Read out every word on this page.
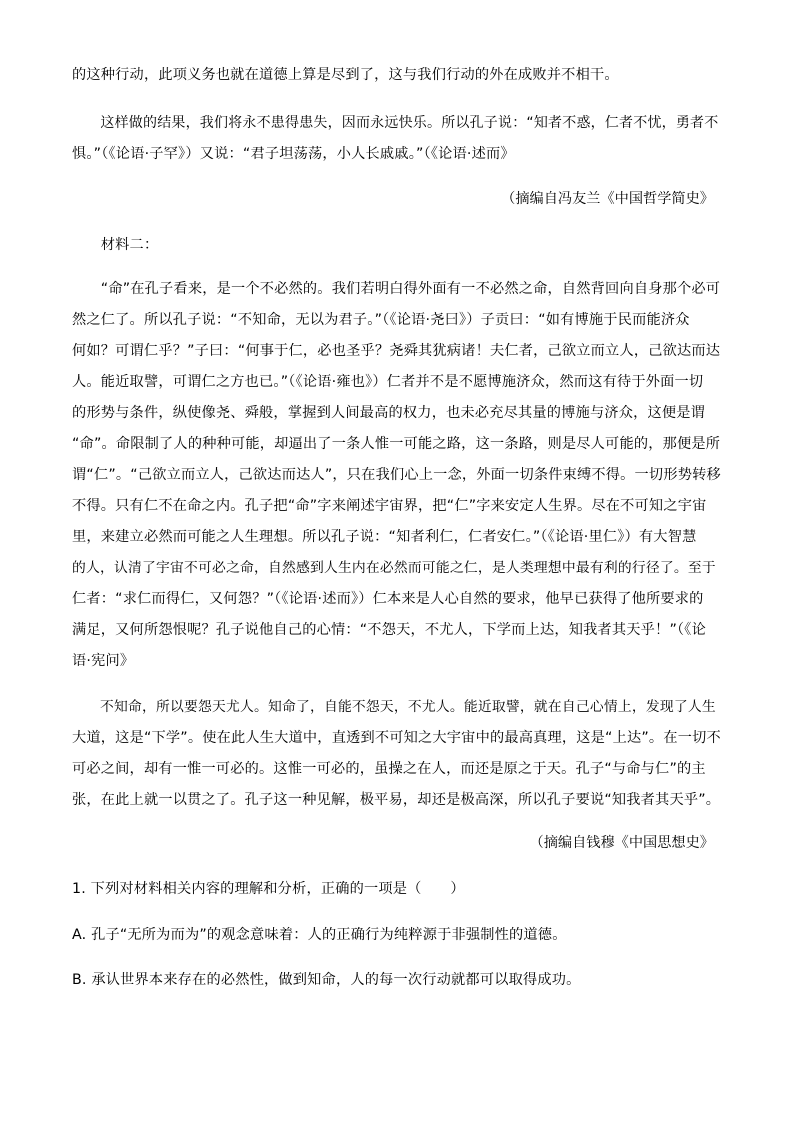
的这种行动，此项义务也就在道德上算是尽到了，这与我们行动的外在成败并不相干。
　　这样做的结果，我们将永不患得患失，因而永远快乐。所以孔子说：“知者不惑，仁者不忧，勇者不
惧。”（《论语·子罕》）又说：“君子坦荡荡，小人长戚戚。”（《论语·述而》
（摘编自冯友兰《中国哲学简史》
　　材料二：
　　“命”在孔子看来，是一个不必然的。我们若明白得外面有一不必然之命，自然背回向自身那个必可
然之仁了。所以孔子说：“不知命，无以为君子。”（《论语·尧曰》）子贡曰：“如有博施于民而能济众
何如？可谓仁乎？”子曰：“何事于仁，必也圣乎？尧舜其犹病诸！夫仁者，己欲立而立人，己欲达而达
人。能近取譬，可谓仁之方也已。”（《论语·雍也》）仁者并不是不愿博施济众，然而这有待于外面一切
的形势与条件，纵使像尧、舜般，掌握到人间最高的权力，也未必充尽其量的博施与济众，这便是谓
“命”。命限制了人的种种可能，却逼出了一条人惟一可能之路，这一条路，则是尽人可能的，那便是所
谓“仁”。“己欲立而立人，己欲达而达人”，只在我们心上一念，外面一切条件束缚不得。一切形势转移
不得。只有仁不在命之内。孔子把“命”字来阐述宇宙界，把“仁”字来安定人生界。尽在不可知之宇宙
里，来建立必然而可能之人生理想。所以孔子说：“知者利仁，仁者安仁。”（《论语·里仁》）有大智慧
的人，认清了宇宙不可必之命，自然感到人生内在必然而可能之仁，是人类理想中最有利的行径了。至于
仁者：“求仁而得仁，又何怨？”（《论语·述而》）仁本来是人心自然的要求，他早已获得了他所要求的
满足，又何所怨恨呢？孔子说他自己的心情：“不怨天，不尤人，下学而上达，知我者其天乎！”（《论
语·宪问》
　　不知命，所以要怨天尤人。知命了，自能不怨天，不尤人。能近取譬，就在自己心情上，发现了人生
大道，这是“下学”。使在此人生大道中，直透到不可知之大宇宙中的最高真理，这是“上达”。在一切不
可必之间，却有一惟一可必的。这惟一可必的，虽操之在人，而还是原之于天。孔子“与命与仁”的主
张，在此上就一以贯之了。孔子这一种见解，极平易，却还是极高深，所以孔子要说“知我者其天乎”。
（摘编自钱穆《中国思想史》
1. 下列对材料相关内容的理解和分析，正确的一项是（　　）
A. 孔子“无所为而为”的观念意味着：人的正确行为纯粹源于非强制性的道德。
B. 承认世界本来存在的必然性，做到知命，人的每一次行动就都可以取得成功。
